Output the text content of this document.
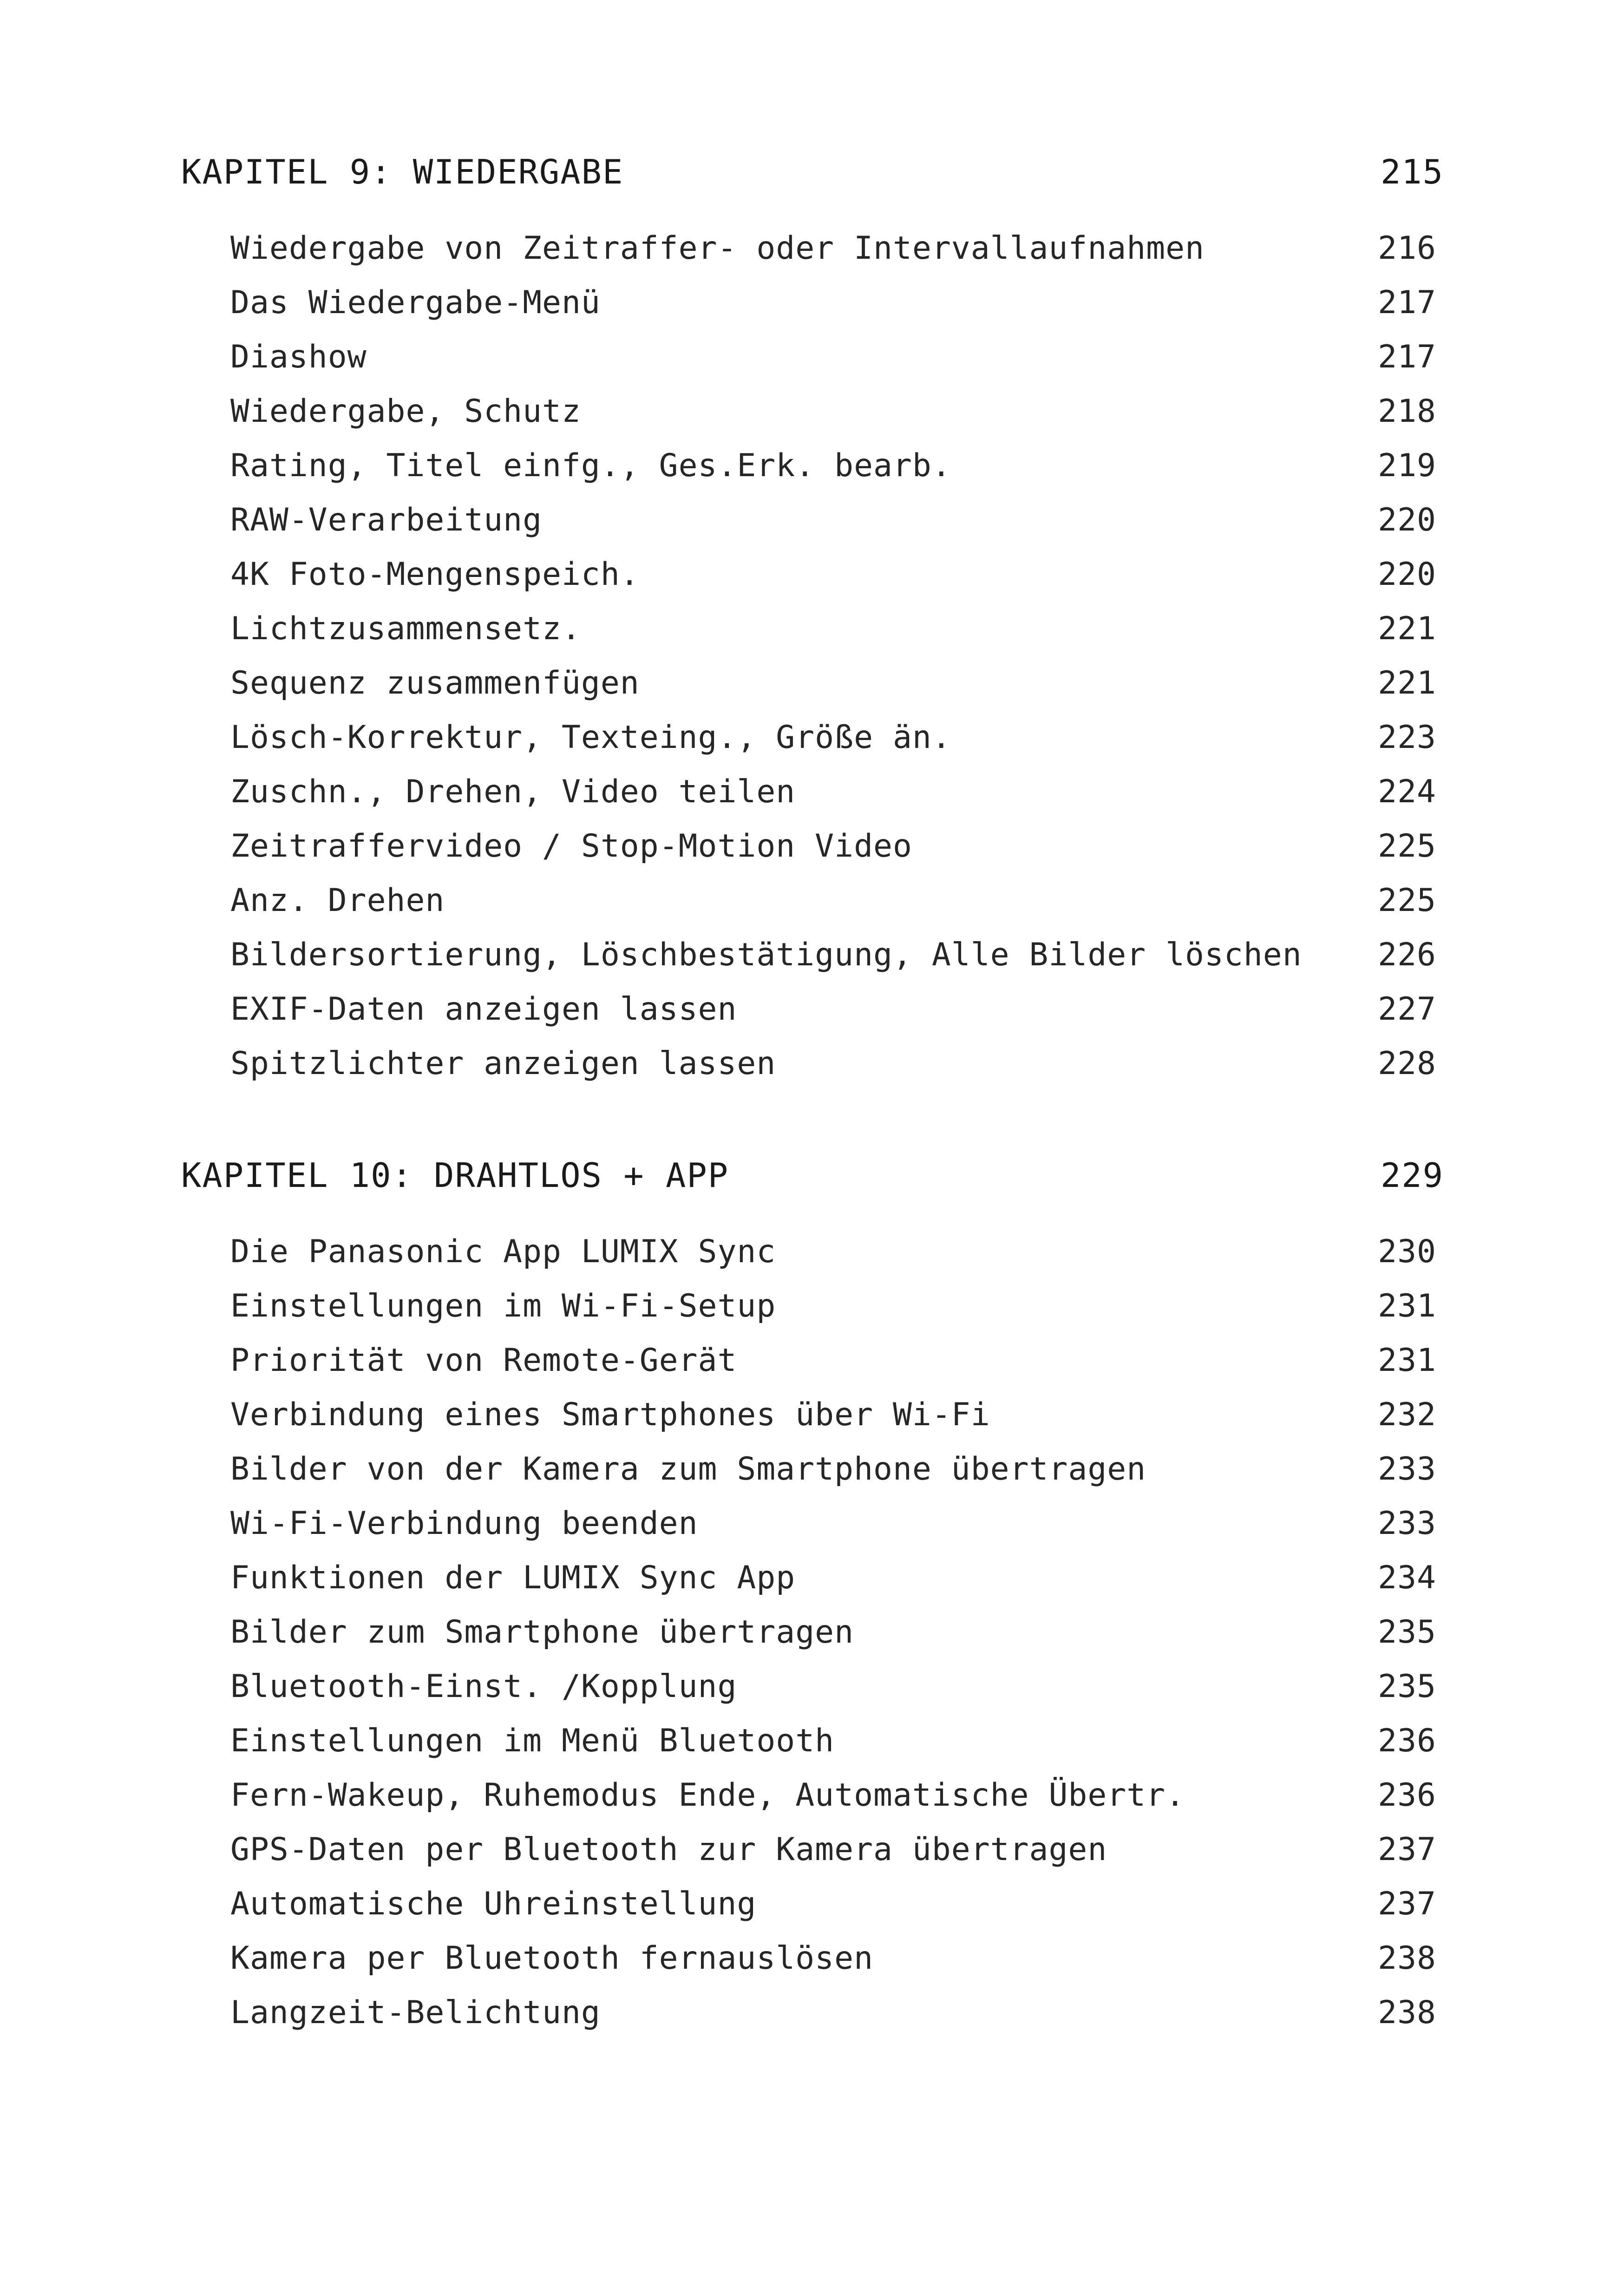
KAPITEL 9: WIEDERGABE	215
Wiedergabe von Zeitraffer- oder Intervallaufnahmen	216
Das Wiedergabe-Menü	217
Diashow	217
Wiedergabe, Schutz	218
Rating, Titel einfg., Ges.Erk. bearb.	219
RAW-Verarbeitung	220
4K Foto-Mengenspeich.	220
Lichtzusammensetz.	221
Sequenz zusammenfügen	221
Lösch-Korrektur, Texteing., Größe än.	223
Zuschn., Drehen, Video teilen	224
Zeitraffervideo / Stop-Motion Video	225
Anz. Drehen	225
Bildersortierung, Löschbestätigung, Alle Bilder löschen 226
EXIF-Daten anzeigen lassen	227
Spitzlichter anzeigen lassen	228
KAPITEL 10: DRAHTLOS + APP	229
Die Panasonic App LUMIX Sync	230
Einstellungen im Wi-Fi-Setup	231
Priorität von Remote-Gerät	231
Verbindung eines Smartphones über Wi-Fi	232
Bilder von der Kamera zum Smartphone übertragen	233
Wi-Fi-Verbindung beenden	233
Funktionen der LUMIX Sync App	234
Bilder zum Smartphone übertragen	235
Bluetooth-Einst. /Kopplung	235
Einstellungen im Menü Bluetooth	236
Fern-Wakeup, Ruhemodus Ende, Automatische Übertr.	236
GPS-Daten per Bluetooth zur Kamera übertragen	237
Automatische Uhreinstellung	237
Kamera per Bluetooth fernauslösen	238
Langzeit-Belichtung	238
